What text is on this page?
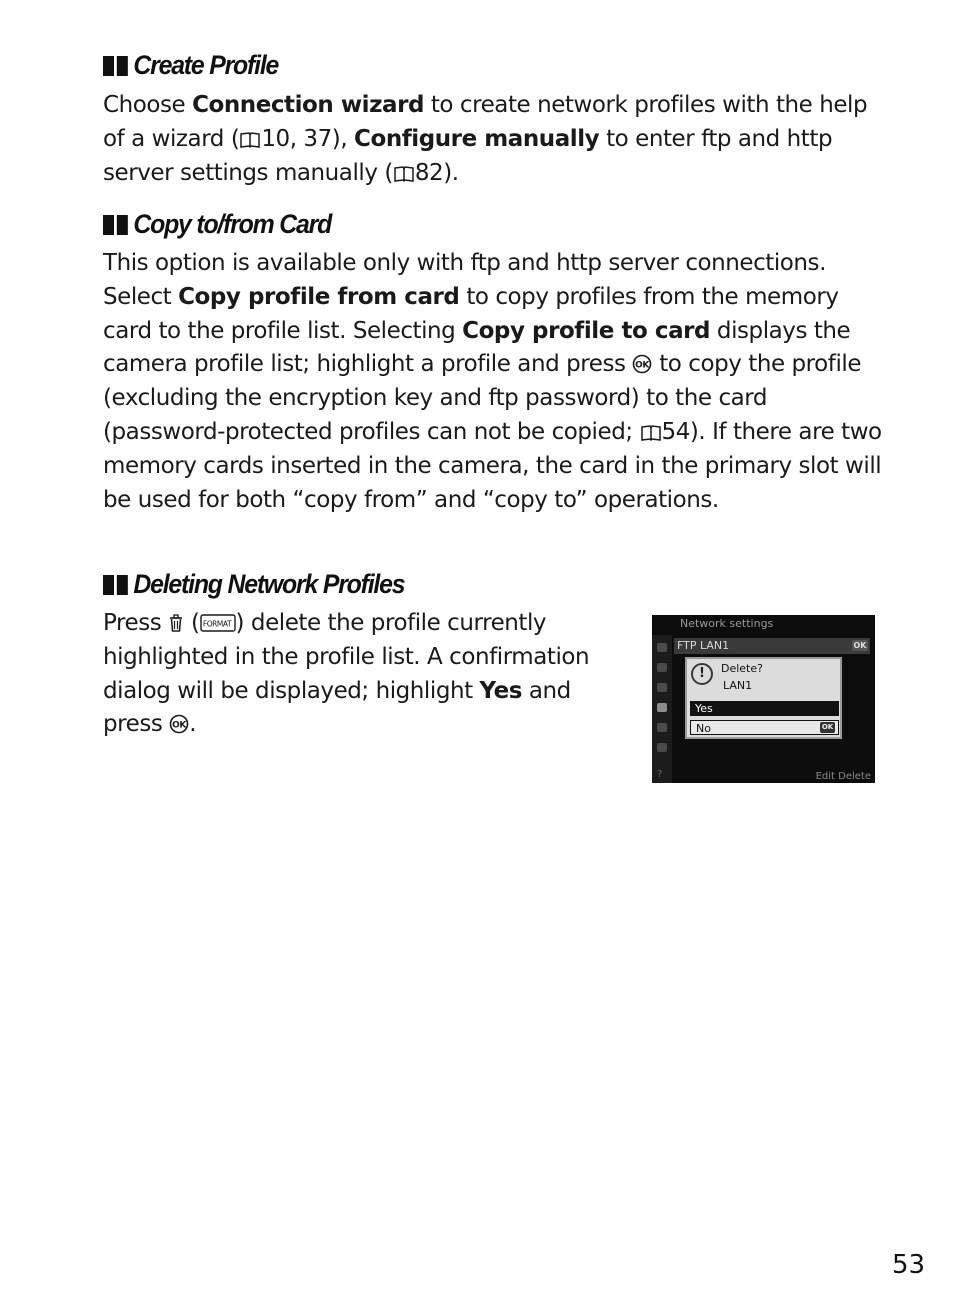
Create Profile

Choose Connection wizard to create network profiles with the help of a wizard ( 10, 37), Configure manually to enter ftp and http server settings manually ( 82).

Copy to/from Card

This option is available only with ftp and http server connections. Select Copy profile from card to copy profiles from the memory card to the profile list. Selecting Copy profile to card displays the camera profile list; highlight a profile and press OK to copy the profile (excluding the encryption key and ftp password) to the card (password-protected profiles can not be copied; 54). If there are two memory cards inserted in the camera, the card in the primary slot will be used for both “copy from” and “copy to” operations.

Deleting Network Profiles

Press  ( FORMAT ) delete the profile currently highlighted in the profile list. A confirmation dialog will be displayed; highlight Yes and press OK .

Network settings
FTP LAN1	OK
!	Delete?
LAN1
Yes
No	OK
?	Edit Delete
53
